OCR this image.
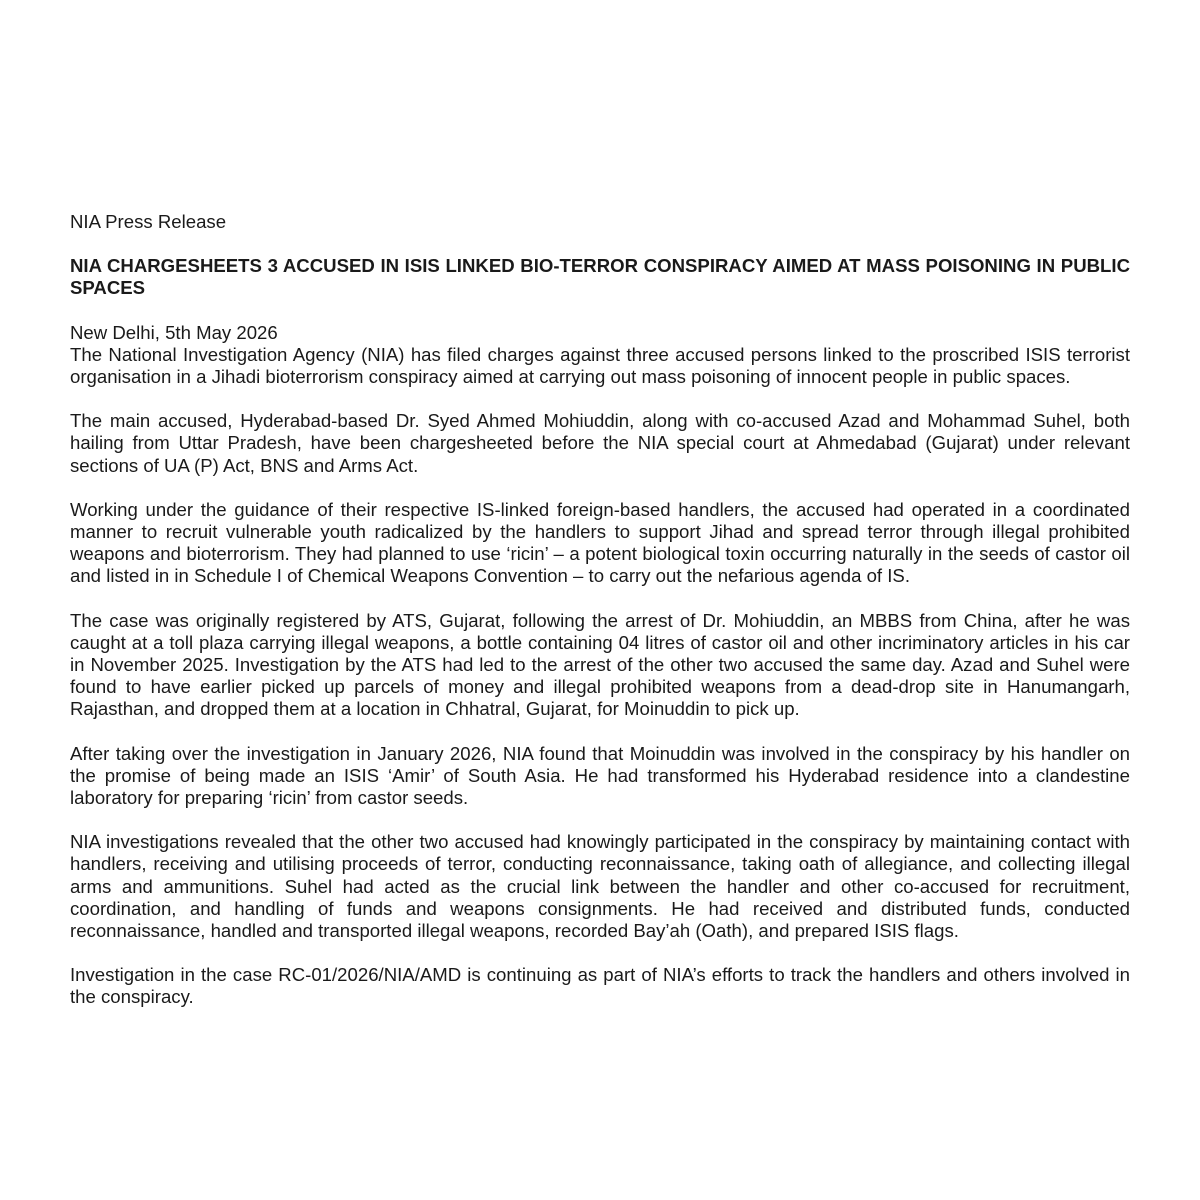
NIA Press Release

NIA CHARGESHEETS 3 ACCUSED IN ISIS LINKED BIO-TERROR CONSPIRACY AIMED AT MASS POISONING IN PUBLIC SPACES

New Delhi, 5th May 2026

The National Investigation Agency (NIA) has filed charges against three accused persons linked to the proscribed ISIS terrorist organisation in a Jihadi bioterrorism conspiracy aimed at carrying out mass poisoning of innocent people in public spaces.

The main accused, Hyderabad-based Dr. Syed Ahmed Mohiuddin, along with co-accused Azad and Mohammad Suhel, both hailing from Uttar Pradesh, have been chargesheeted before the NIA special court at Ahmedabad (Gujarat) under relevant sections of UA (P) Act, BNS and Arms Act.

Working under the guidance of their respective IS-linked foreign-based handlers, the accused had operated in a coordinated manner to recruit vulnerable youth radicalized by the handlers to support Jihad and spread terror through illegal prohibited weapons and bioterrorism. They had planned to use ‘ricin’ – a potent biological toxin occurring naturally in the seeds of castor oil and listed in in Schedule I of Chemical Weapons Convention – to carry out the nefarious agenda of IS.

The case was originally registered by ATS, Gujarat, following the arrest of Dr. Mohiuddin, an MBBS from China, after he was caught at a toll plaza carrying illegal weapons, a bottle containing 04 litres of castor oil and other incriminatory articles in his car in November 2025. Investigation by the ATS had led to the arrest of the other two accused the same day. Azad and Suhel were found to have earlier picked up parcels of money and illegal prohibited weapons from a dead-drop site in Hanumangarh, Rajasthan, and dropped them at a location in Chhatral, Gujarat, for Moinuddin to pick up.

After taking over the investigation in January 2026, NIA found that Moinuddin was involved in the conspiracy by his handler on the promise of being made an ISIS ‘Amir’ of South Asia. He had transformed his Hyderabad residence into a clandestine laboratory for preparing ‘ricin’ from castor seeds.

NIA investigations revealed that the other two accused had knowingly participated in the conspiracy by maintaining contact with handlers, receiving and utilising proceeds of terror, conducting reconnaissance, taking oath of allegiance, and collecting illegal arms and ammunitions. Suhel had acted as the crucial link between the handler and other co-accused for recruitment, coordination, and handling of funds and weapons consignments. He had received and distributed funds, conducted reconnaissance, handled and transported illegal weapons, recorded Bay’ah (Oath), and prepared ISIS flags.

Investigation in the case RC-01/2026/NIA/AMD is continuing as part of NIA’s efforts to track the handlers and others involved in the conspiracy.
